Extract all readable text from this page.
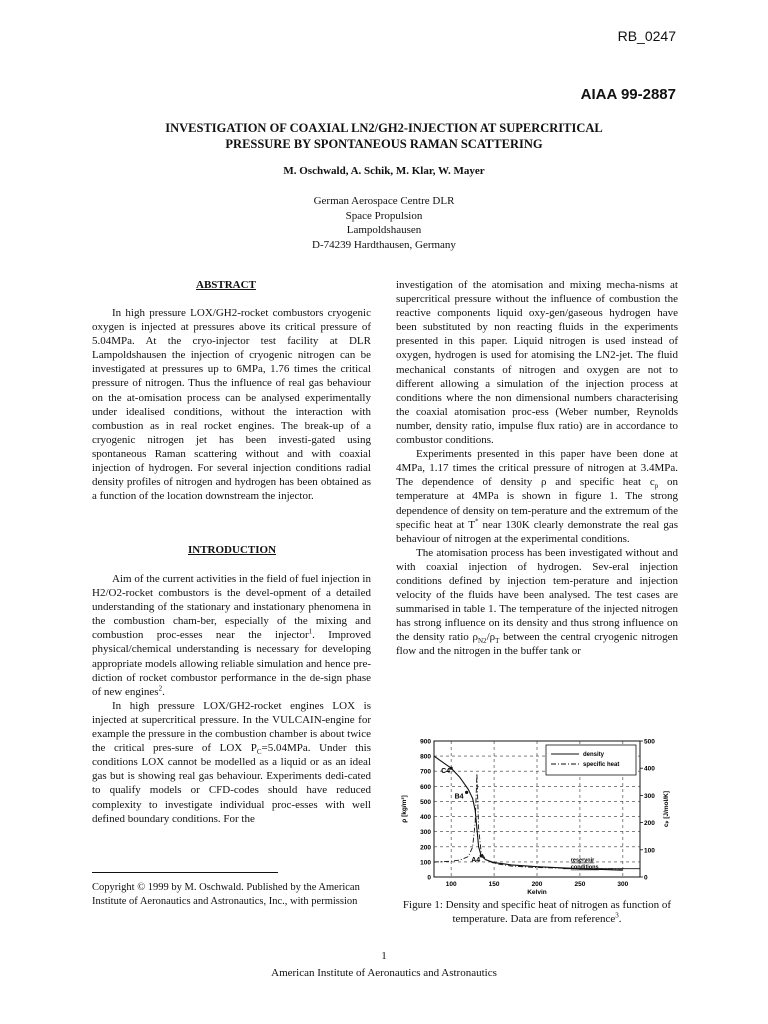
RB_0247
AIAA 99-2887
INVESTIGATION OF COAXIAL LN2/GH2-INJECTION AT SUPERCRITICAL
PRESSURE BY SPONTANEOUS RAMAN SCATTERING
M. Oschwald, A. Schik, M. Klar, W. Mayer
German Aerospace Centre DLR
Space Propulsion
Lampoldshausen
D-74239 Hardthausen, Germany
ABSTRACT

In high pressure LOX/GH2-rocket combustors cryogenic oxygen is injected at pressures above its critical pressure of 5.04MPa. At the cryo-injector test facility at DLR Lampoldshausen the injection of cryogenic nitrogen can be investigated at pressures up to 6MPa, 1.76 times the critical pressure of nitrogen. Thus the influence of real gas behaviour on the at-omisation process can be analysed experimentally under idealised conditions, without the interaction with combustion as in real rocket engines. The break-up of a cryogenic nitrogen jet has been investi-gated using spontaneous Raman scattering without and with coaxial injection of hydrogen. For several injection conditions radial density profiles of nitrogen and hydrogen has been obtained as a function of the location downstream the injector.

INTRODUCTION

Aim of the current activities in the field of fuel injection in H2/O2-rocket combustors is the devel-opment of a detailed understanding of the stationary and instationary phenomena in the combustion cham-ber, especially of the mixing and combustion proc-esses near the injector$^1$. Improved physical/chemical understanding is necessary for developing appropriate models allowing reliable simulation and hence pre-diction of rocket combustor performance in the de-sign phase of new engines$^2$.

In high pressure LOX/GH2-rocket engines LOX is injected at supercritical pressure. In the VULCAIN-engine for example the pressure in the combustion chamber is about twice the critical pres-sure of LOX $P_C=5.04MPa$. Under this conditions LOX cannot be modelled as a liquid or as an ideal gas but is showing real gas behaviour. Experiments dedi-cated to qualify models or CFD-codes should have reduced complexity to investigate individual proc-esses with well defined boundary conditions. For the

investigation of the atomisation and mixing mecha-nisms at supercritical pressure without the influence of combustion the reactive components liquid oxy-gen/gaseous hydrogen have been substituted by non reacting fluids in the experiments presented in this paper. Liquid nitrogen is used instead of oxygen, hydrogen is used for atomising the LN2-jet. The fluid mechanical constants of nitrogen and oxygen are not to different allowing a simulation of the injection process at conditions where the non dimensional numbers characterising the coaxial atomisation proc-ess (Weber number, Reynolds number, density ratio, impulse flux ratio) are in accordance to combustor conditions.

Experiments presented in this paper have been done at 4MPa, 1.17 times the critical pressure of nitrogen at 3.4MPa. The dependence of density ρ and specific heat $c_p$ on temperature at 4MPa is shown in figure 1. The strong dependence of density on tem-perature and the extremum of the specific heat at T* near 130K clearly demonstrate the real gas behaviour of nitrogen at the experimental conditions.

The atomisation process has been investigated without and with coaxial injection of hydrogen. Sev-eral injection conditions defined by injection tem-perature and injection velocity of the fluids have been analysed. The test cases are summarised in table 1. The temperature of the injected nitrogen has strong influence on its density and thus strong influence on the density ratio $\rho_{N2}/\rho_T$ between the central cryogenic nitrogen flow and the nitrogen in the buffer tank or

0
100
200
300
400
500
600
700
800
900
100	150	200	250	300
0
100
200
300
400
500
Kelvin
ρ [kg/m³]	cₚ [J/mol/K]
C4
B4
A4	reservoir
conditions
density
specific heat
Figure 1: Density and specific heat of nitrogen as function of temperature. Data are from reference$^3$.
Copyright © 1999 by M. Oschwald. Published by the American Institute of Aeronautics and Astronautics, Inc., with permission
1
American Institute of Aeronautics and Astronautics
